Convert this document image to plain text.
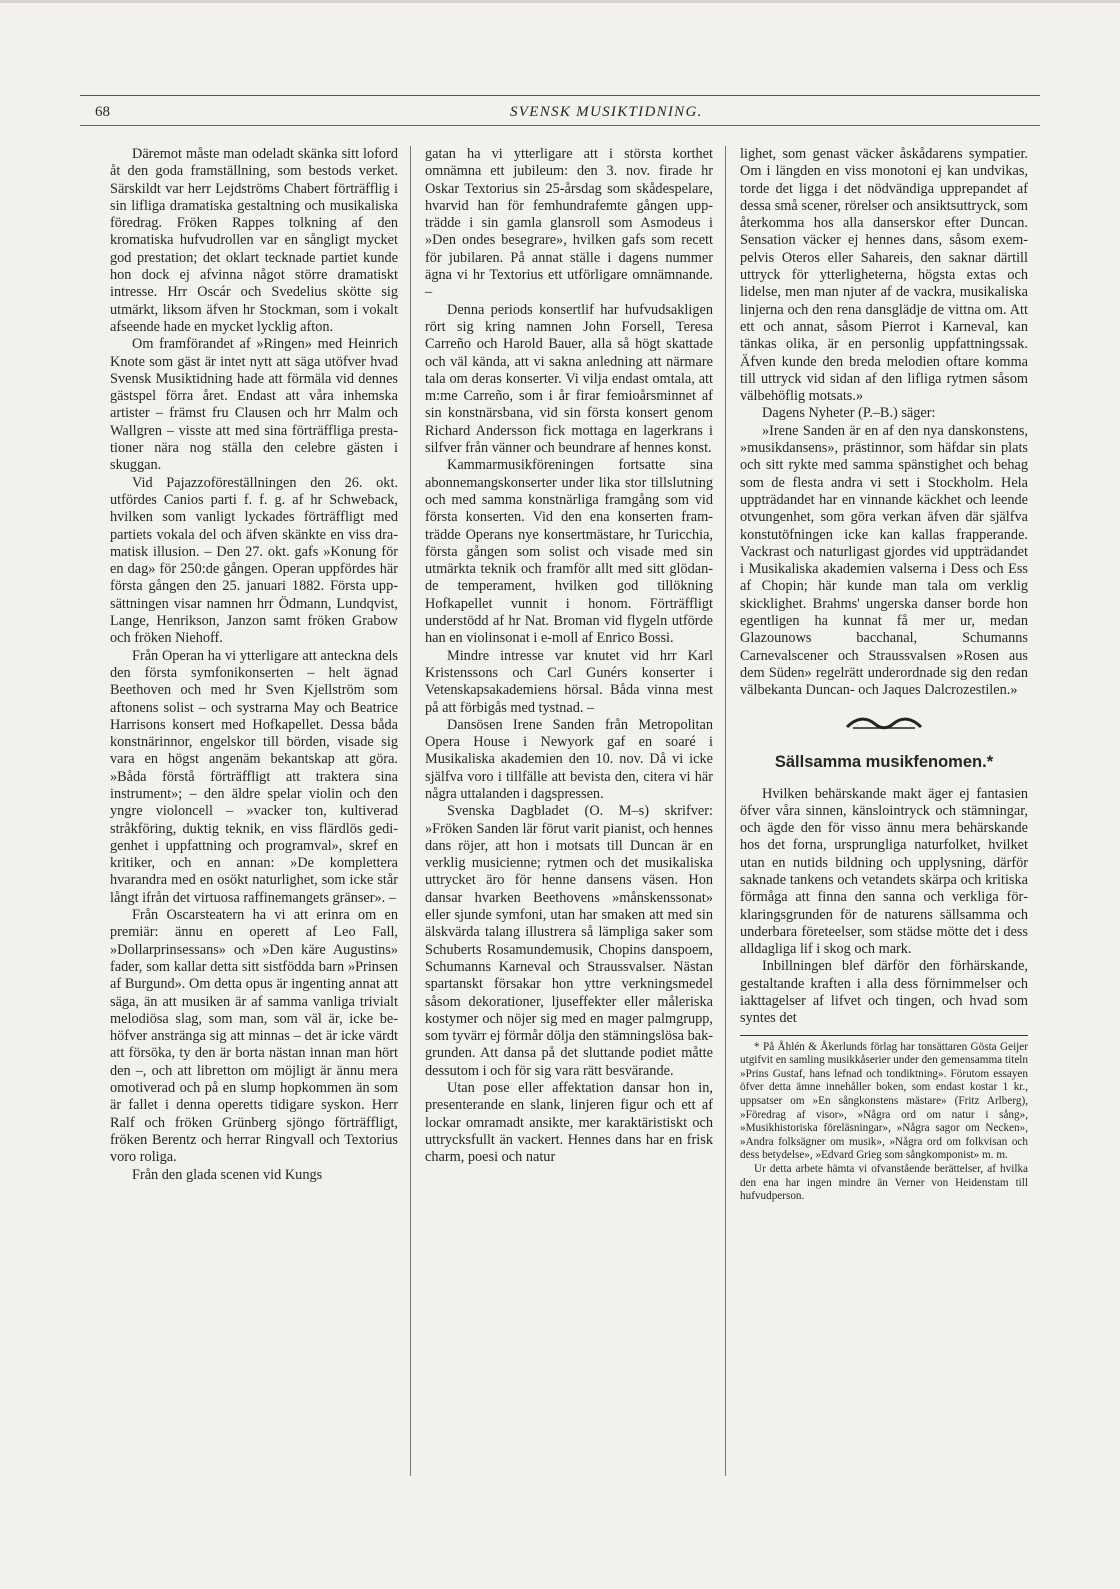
68	SVENSK MUSIKTIDNING.

Däremot måste man odeladt skänka sitt loford åt den goda framställning, som bestods verket. Särskildt var herr Lejdströms Chabert förträfflig i sin lifliga dramatiska gestaltning och musikaliska föredrag. Fröken Rappes tolkning af den kromatiska hufvudrollen var en sångligt mycket god prestation; det oklart tecknade partiet kunde hon dock ej afvinna något större dramatiskt intresse. Hrr Oscár och Svedelius skötte sig utmärkt, liksom äfven hr Stockman, som i vokalt afseende hade en mycket lycklig afton.

Om framförandet af »Ringen» med Heinrich Knote som gäst är intet nytt att säga utöfver hvad Svensk Musiktidning hade att förmäla vid dennes gästspel förra året. Endast att våra inhemska artister – främst fru Clausen och hrr Malm och Wallgren – visste att med sina förträffliga prestationer nära nog ställa den celebre gästen i skuggan.

Vid Pajazzoföreställningen den 26. okt. utfördes Canios parti f. f. g. af hr Schweback, hvilken som vanligt lyckades förträffligt med partiets vokala del och äfven skänkte en viss dramatisk illusion. – Den 27. okt. gafs »Konung för en dag» för 250:de gången. Operan uppfördes här första gången den 25. januari 1882. Första uppsättningen visar namnen hrr Ödmann, Lundqvist, Lange, Henrikson, Janzon samt fröken Grabow och fröken Niehoff.

Från Operan ha vi ytterligare att anteckna dels den första symfonikonserten – helt ägnad Beethoven och med hr Sven Kjellström som aftonens solist – och systrarna May och Beatrice Harrisons konsert med Hofkapellet. Dessa båda konstnärinnor, engelskor till börden, visade sig vara en högst angenäm bekantskap att göra. »Båda förstå förträffligt att traktera sina instrument»; – den äldre spelar violin och den yngre violoncell – »vacker ton, kultiverad stråkföring, duktig teknik, en viss flärdlös gedigenhet i uppfattning och programval», skref en kritiker, och en annan: »De komplettera hvarandra med en osökt naturlighet, som icke står långt ifrån det virtuosa raffinemangets gränser». –

Från Oscarsteatern ha vi att erinra om en premiär: ännu en operett af Leo Fall, »Dollarprinsessans» och »Den käre Augustins» fader, som kallar detta sitt sistfödda barn »Prinsen af Burgund». Om detta opus är ingenting annat att säga, än att musiken är af samma vanliga trivialt melodiösa slag, som man, som väl är, icke behöfver anstränga sig att minnas – det är icke värdt att försöka, ty den är borta nästan innan man hört den –, och att libretton om möjligt är ännu mera omotiverad och på en slump hopkommen än som är fallet i denna operetts tidigare syskon. Herr Ralf och fröken Grünberg sjöngo förträffligt, fröken Berentz och herrar Ringvall och Textorius voro roliga.

Från den glada scenen vid Kungs

gatan ha vi ytterligare att i största korthet omnämna ett jubileum: den 3. nov. firade hr Oskar Textorius sin 25-årsdag som skådespelare, hvarvid han för femhundrafemte gången uppträdde i sin gamla glansroll som Asmodeus i »Den ondes besegrare», hvilken gafs som recett för jubilaren. På annat ställe i dagens nummer ägna vi hr Textorius ett utförligare omnämnande. –

Denna periods konsertlif har hufvudsakligen rört sig kring namnen John Forsell, Teresa Carreño och Harold Bauer, alla så högt skattade och väl kända, att vi sakna anledning att närmare tala om deras konserter. Vi vilja endast omtala, att m:me Carreño, som i år firar femioårsminnet af sin konstnärsbana, vid sin första konsert genom Richard Andersson fick mottaga en lagerkrans i silfver från vänner och beundrare af hennes konst.

Kammarmusikföreningen fortsatte sina abonnemangskonserter under lika stor tillslutning och med samma konstnärliga framgång som vid första konserten. Vid den ena konserten framträdde Operans nye konsertmästare, hr Turicchia, första gången som solist och visade med sin utmärkta teknik och framför allt med sitt glödande temperament, hvilken god tillökning Hofkapellet vunnit i honom. Förträffligt understödd af hr Nat. Broman vid flygeln utförde han en violinsonat i e-moll af Enrico Bossi.

Mindre intresse var knutet vid hrr Karl Kristenssons och Carl Gunérs konserter i Vetenskapsakademiens hörsal. Båda vinna mest på att förbigås med tystnad. –

Dansösen Irene Sanden från Metropolitan Opera House i Newyork gaf en soaré i Musikaliska akademien den 10. nov. Då vi icke själfva voro i tillfälle att bevista den, citera vi här några uttalanden i dagspressen.

Svenska Dagbladet (O. M–s) skrifver: »Fröken Sanden lär förut varit pianist, och hennes dans röjer, att hon i motsats till Duncan är en verklig musicienne; rytmen och det musikaliska uttrycket äro för henne dansens väsen. Hon dansar hvarken Beethovens »månskenssonat» eller sjunde symfoni, utan har smaken att med sin älskvärda talang illustrera så lämpliga saker som Schuberts Rosamundemusik, Chopins danspoem, Schumanns Karneval och Straussvalser. Nästan spartanskt försakar hon yttre verkningsmedel såsom dekorationer, ljuseffekter eller måleriska kostymer och nöjer sig med en mager palmgrupp, som tyvärr ej förmår dölja den stämningslösa bakgrunden. Att dansa på det sluttande podiet måtte dessutom i och för sig vara rätt besvärande.

Utan pose eller affektation dansar hon in, presenterande en slank, linjeren figur och ett af lockar omramadt ansikte, mer karaktäristiskt och uttrycksfullt än vackert. Hennes dans har en frisk charm, poesi och natur

lighet, som genast väcker åskådarens sympatier. Om i längden en viss monotoni ej kan undvikas, torde det ligga i det nödvändiga upprepandet af dessa små scener, rörelser och ansiktsuttryck, som återkomma hos alla danserskor efter Duncan. Sensation väcker ej hennes dans, såsom exempelvis Oteros eller Sahareis, den saknar därtill uttryck för ytterligheterna, högsta extas och lidelse, men man njuter af de vackra, musikaliska linjerna och den rena dansglädje de vittna om. Att ett och annat, såsom Pierrot i Karneval, kan tänkas olika, är en personlig uppfattningssak. Äfven kunde den breda melodien oftare komma till uttryck vid sidan af den lifliga rytmen såsom välbehöflig motsats.»

Dagens Nyheter (P.–B.) säger:

»Irene Sanden är en af den nya danskonstens, »musikdansens», prästinnor, som häfdar sin plats och sitt rykte med samma spänstighet och behag som de flesta andra vi sett i Stockholm. Hela uppträdandet har en vinnande käckhet och leende otvungenhet, som göra verkan äfven där själfva konstutöfningen icke kan kallas frapperande. Vackrast och naturligast gjordes vid uppträdandet i Musikaliska akademien valserna i Dess och Ess af Chopin; här kunde man tala om verklig skicklighet. Brahms' ungerska danser borde hon egentligen ha kunnat få mer ur, medan Glazounows bacchanal, Schumanns Carnevalscener och Straussvalsen »Rosen aus dem Süden» regelrätt underordnade sig den redan välbekanta Duncan- och Jaques Dalcrozestilen.»

Sällsamma musikfenomen.*

Hvilken behärskande makt äger ej fantasien öfver våra sinnen, känslointryck och stämningar, och ägde den för visso ännu mera behärskande hos det forna, ursprungliga naturfolket, hvilket utan en nutids bildning och upplysning, därför saknade tankens och vetandets skärpa och kritiska förmåga att finna den sanna och verkliga förklaringsgrunden för de naturens sällsamma och underbara företeelser, som städse mötte det i dess alldagliga lif i skog och mark.

Inbillningen blef därför den förhärskande, gestaltande kraften i alla dess förnimmelser och iakttagelser af lifvet och tingen, och hvad som syntes det

* På Åhlén & Åkerlunds förlag har tonsättaren Gösta Geijer utgifvit en samling musikkåserier under den gemensamma titeln »Prins Gustaf, hans lefnad och tondiktning». Förutom essayen öfver detta ämne innehåller boken, som endast kostar 1 kr., uppsatser om »En sångkonstens mästare» (Fritz Arlberg), »Föredrag af visor», »Några ord om natur i sång», »Musikhistoriska föreläsningar», »Några sagor om Necken», »Andra folksägner om musik», »Några ord om folkvisan och dess betydelse», »Edvard Grieg som sångkomponist» m. m.

Ur detta arbete hämta vi ofvanstående berättelser, af hvilka den ena har ingen mindre än Verner von Heidenstam till hufvudperson.
